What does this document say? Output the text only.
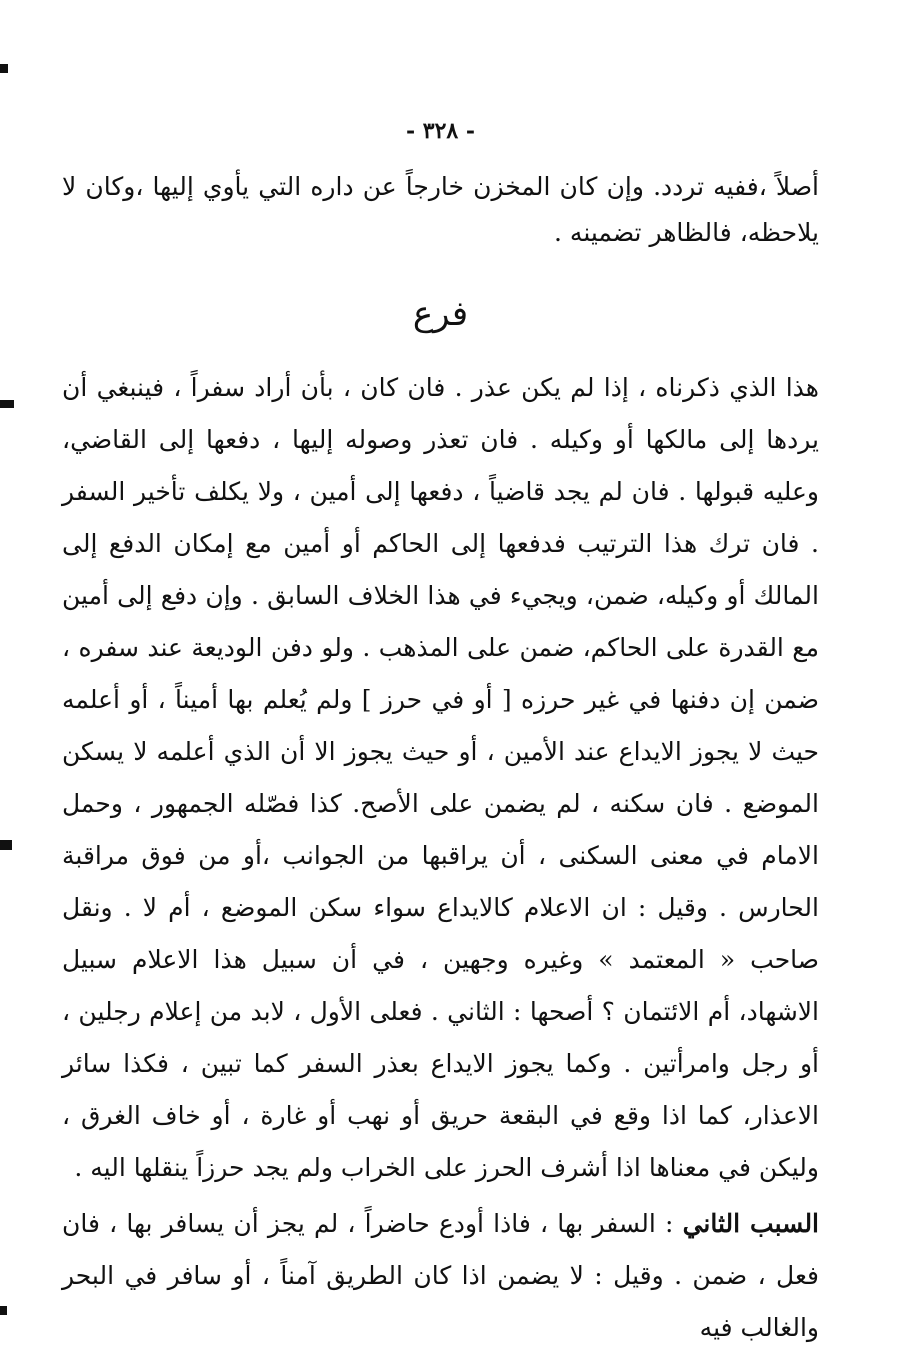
- ٣٢٨ -

أصلاً ،ففيه تردد. وإن كان المخزن خارجاً عن داره التي يأوي إليها ،وكان لا يلاحظه، فالظاهر تضمينه .

فرع

هذا الذي ذكرناه ، إذا لم يكن عذر . فان كان ، بأن أراد سفراً ، فينبغي أن يردها إلى مالكها أو وكيله . فان تعذر وصوله إليها ، دفعها إلى القاضي، وعليه قبولها . فان لم يجد قاضياً ، دفعها إلى أمين ، ولا يكلف تأخير السفر . فان ترك هذا الترتيب فدفعها إلى الحاكم أو أمين مع إمكان الدفع إلى المالك أو وكيله، ضمن، ويجيء في هذا الخلاف السابق . وإن دفع إلى أمين مع القدرة على الحاكم، ضمن على المذهب . ولو دفن الوديعة عند سفره ، ضمن إن دفنها في غير حرزه [ أو في حرز ] ولم يُعلم بها أميناً ، أو أعلمه حيث لا يجوز الايداع عند الأمين ، أو حيث يجوز الا أن الذي أعلمه لا يسكن الموضع . فان سكنه ، لم يضمن على الأصح. كذا فصّله الجمهور ، وحمل الامام في معنى السكنى ، أن يراقبها من الجوانب ،أو من فوق مراقبة الحارس . وقيل : ان الاعلام كالايداع سواء سكن الموضع ، أم لا . ونقل صاحب « المعتمد » وغيره وجهين ، في أن سبيل هذا الاعلام سبيل الاشهاد، أم الائتمان ؟ أصحها : الثاني . فعلى الأول ، لابد من إعلام رجلين ، أو رجل وامرأتين . وكما يجوز الايداع بعذر السفر كما تبين ، فكذا سائر الاعذار، كما اذا وقع في البقعة حريق أو نهب أو غارة ، أو خاف الغرق ، وليكن في معناها اذا أشرف الحرز على الخراب ولم يجد حرزاً ينقلها اليه .

السبب الثاني : السفر بها ، فاذا أودع حاضراً ، لم يجز أن يسافر بها ، فان فعل ، ضمن . وقيل : لا يضمن اذا كان الطريق آمناً ، أو سافر في البحر والغالب فيه
